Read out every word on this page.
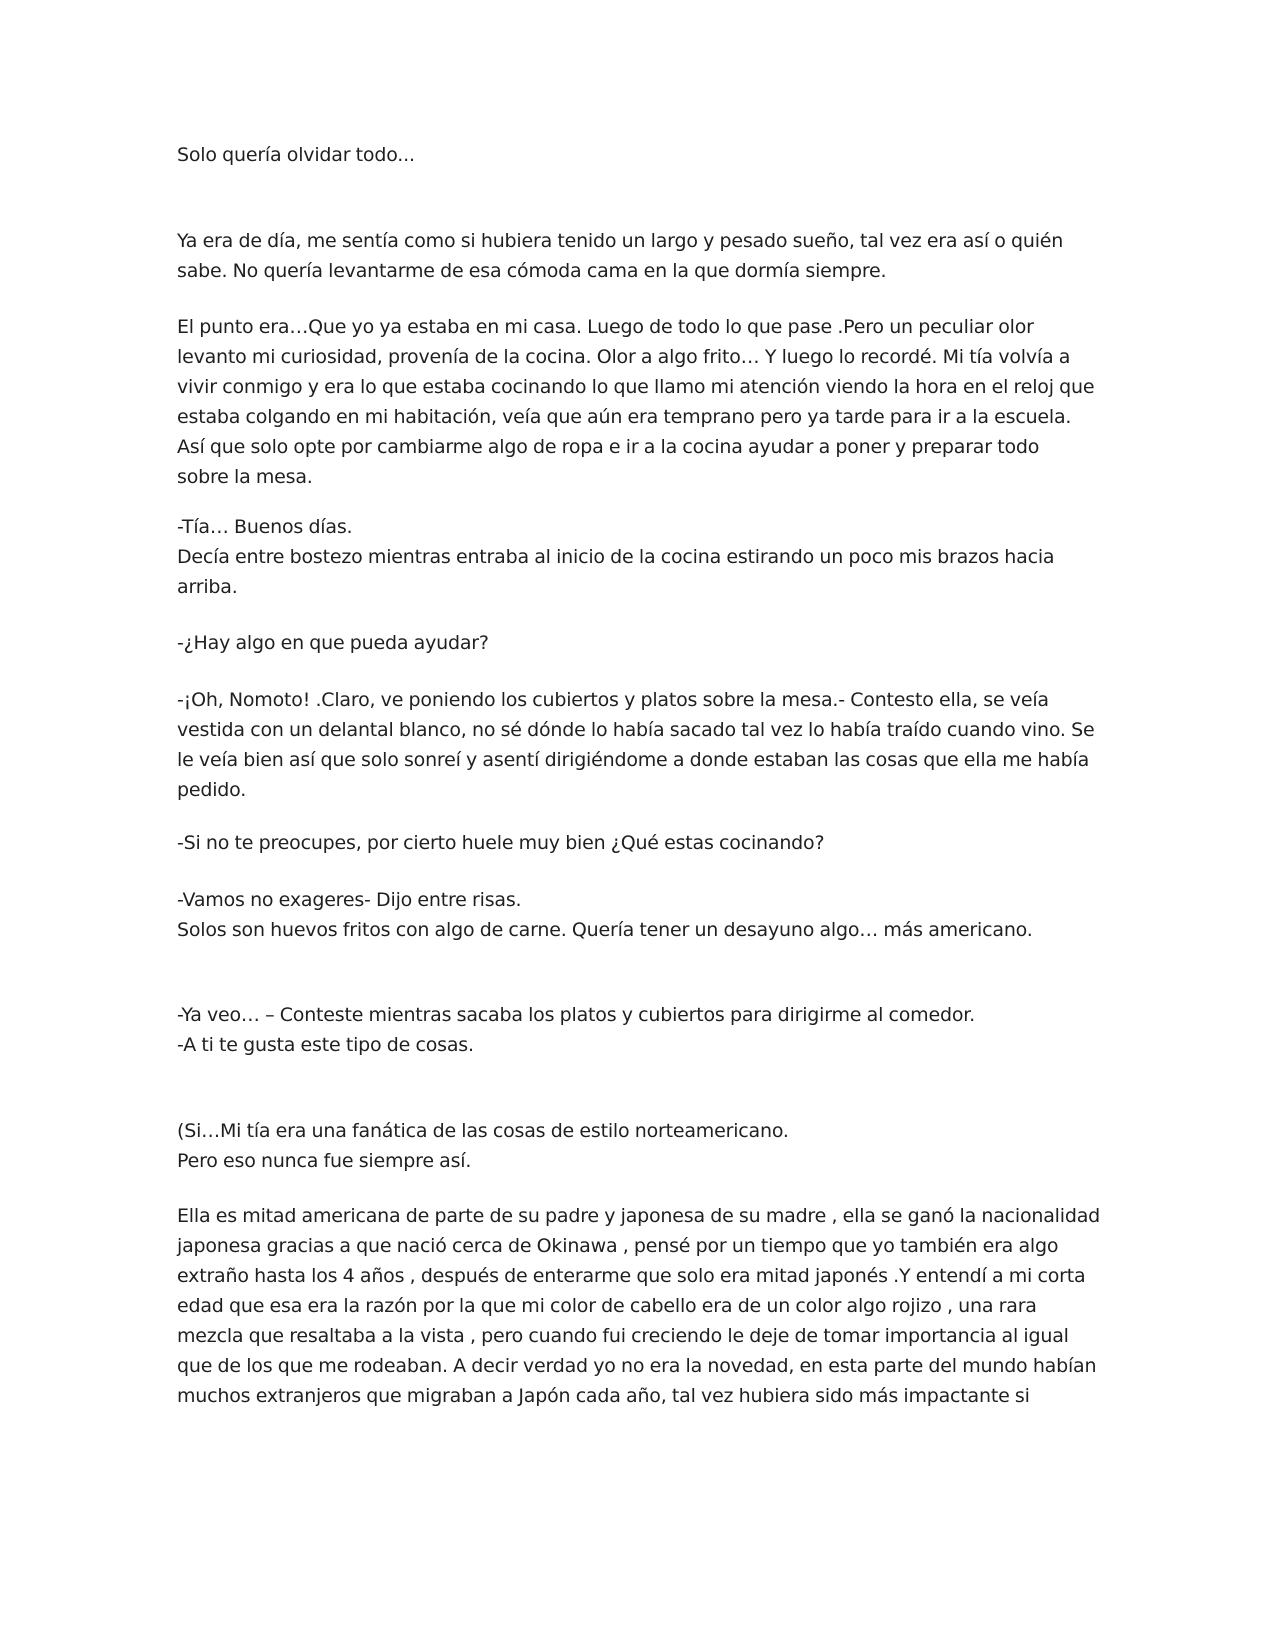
Solo quería olvidar todo...
Ya era de día, me sentía como si hubiera tenido un largo y pesado sueño, tal vez era así o quién
sabe. No quería levantarme de esa cómoda cama en la que dormía siempre.
El punto era…Que yo ya estaba en mi casa. Luego de todo lo que pase .Pero un peculiar olor
levanto mi curiosidad, provenía de la cocina. Olor a algo frito… Y luego lo recordé. Mi tía volvía a
vivir conmigo y era lo que estaba cocinando lo que llamo mi atención viendo la hora en el reloj que
estaba colgando en mi habitación, veía que aún era temprano pero ya tarde para ir a la escuela.
Así que solo opte por cambiarme algo de ropa e ir a la cocina ayudar a poner y preparar todo
sobre la mesa.
-Tía… Buenos días.
Decía entre bostezo mientras entraba al inicio de la cocina estirando un poco mis brazos hacia
arriba.
-¿Hay algo en que pueda ayudar?
-¡Oh, Nomoto! .Claro, ve poniendo los cubiertos y platos sobre la mesa.- Contesto ella, se veía
vestida con un delantal blanco, no sé dónde lo había sacado tal vez lo había traído cuando vino. Se
le veía bien así que solo sonreí y asentí dirigiéndome a donde estaban las cosas que ella me había
pedido.
-Si no te preocupes, por cierto huele muy bien ¿Qué estas cocinando?
-Vamos no exageres- Dijo entre risas.
Solos son huevos fritos con algo de carne. Quería tener un desayuno algo… más americano.
-Ya veo… – Conteste mientras sacaba los platos y cubiertos para dirigirme al comedor.
-A ti te gusta este tipo de cosas.
(Si…Mi tía era una fanática de las cosas de estilo norteamericano.
Pero eso nunca fue siempre así.
Ella es mitad americana de parte de su padre y japonesa de su madre , ella se ganó la nacionalidad
japonesa gracias a que nació cerca de Okinawa , pensé por un tiempo que yo también era algo
extraño hasta los 4 años , después de enterarme que solo era mitad japonés .Y entendí a mi corta
edad que esa era la razón por la que mi color de cabello era de un color algo rojizo , una rara
mezcla que resaltaba a la vista , pero cuando fui creciendo le deje de tomar importancia al igual
que de los que me rodeaban. A decir verdad yo no era la novedad, en esta parte del mundo habían
muchos extranjeros que migraban a Japón cada año, tal vez hubiera sido más impactante si
